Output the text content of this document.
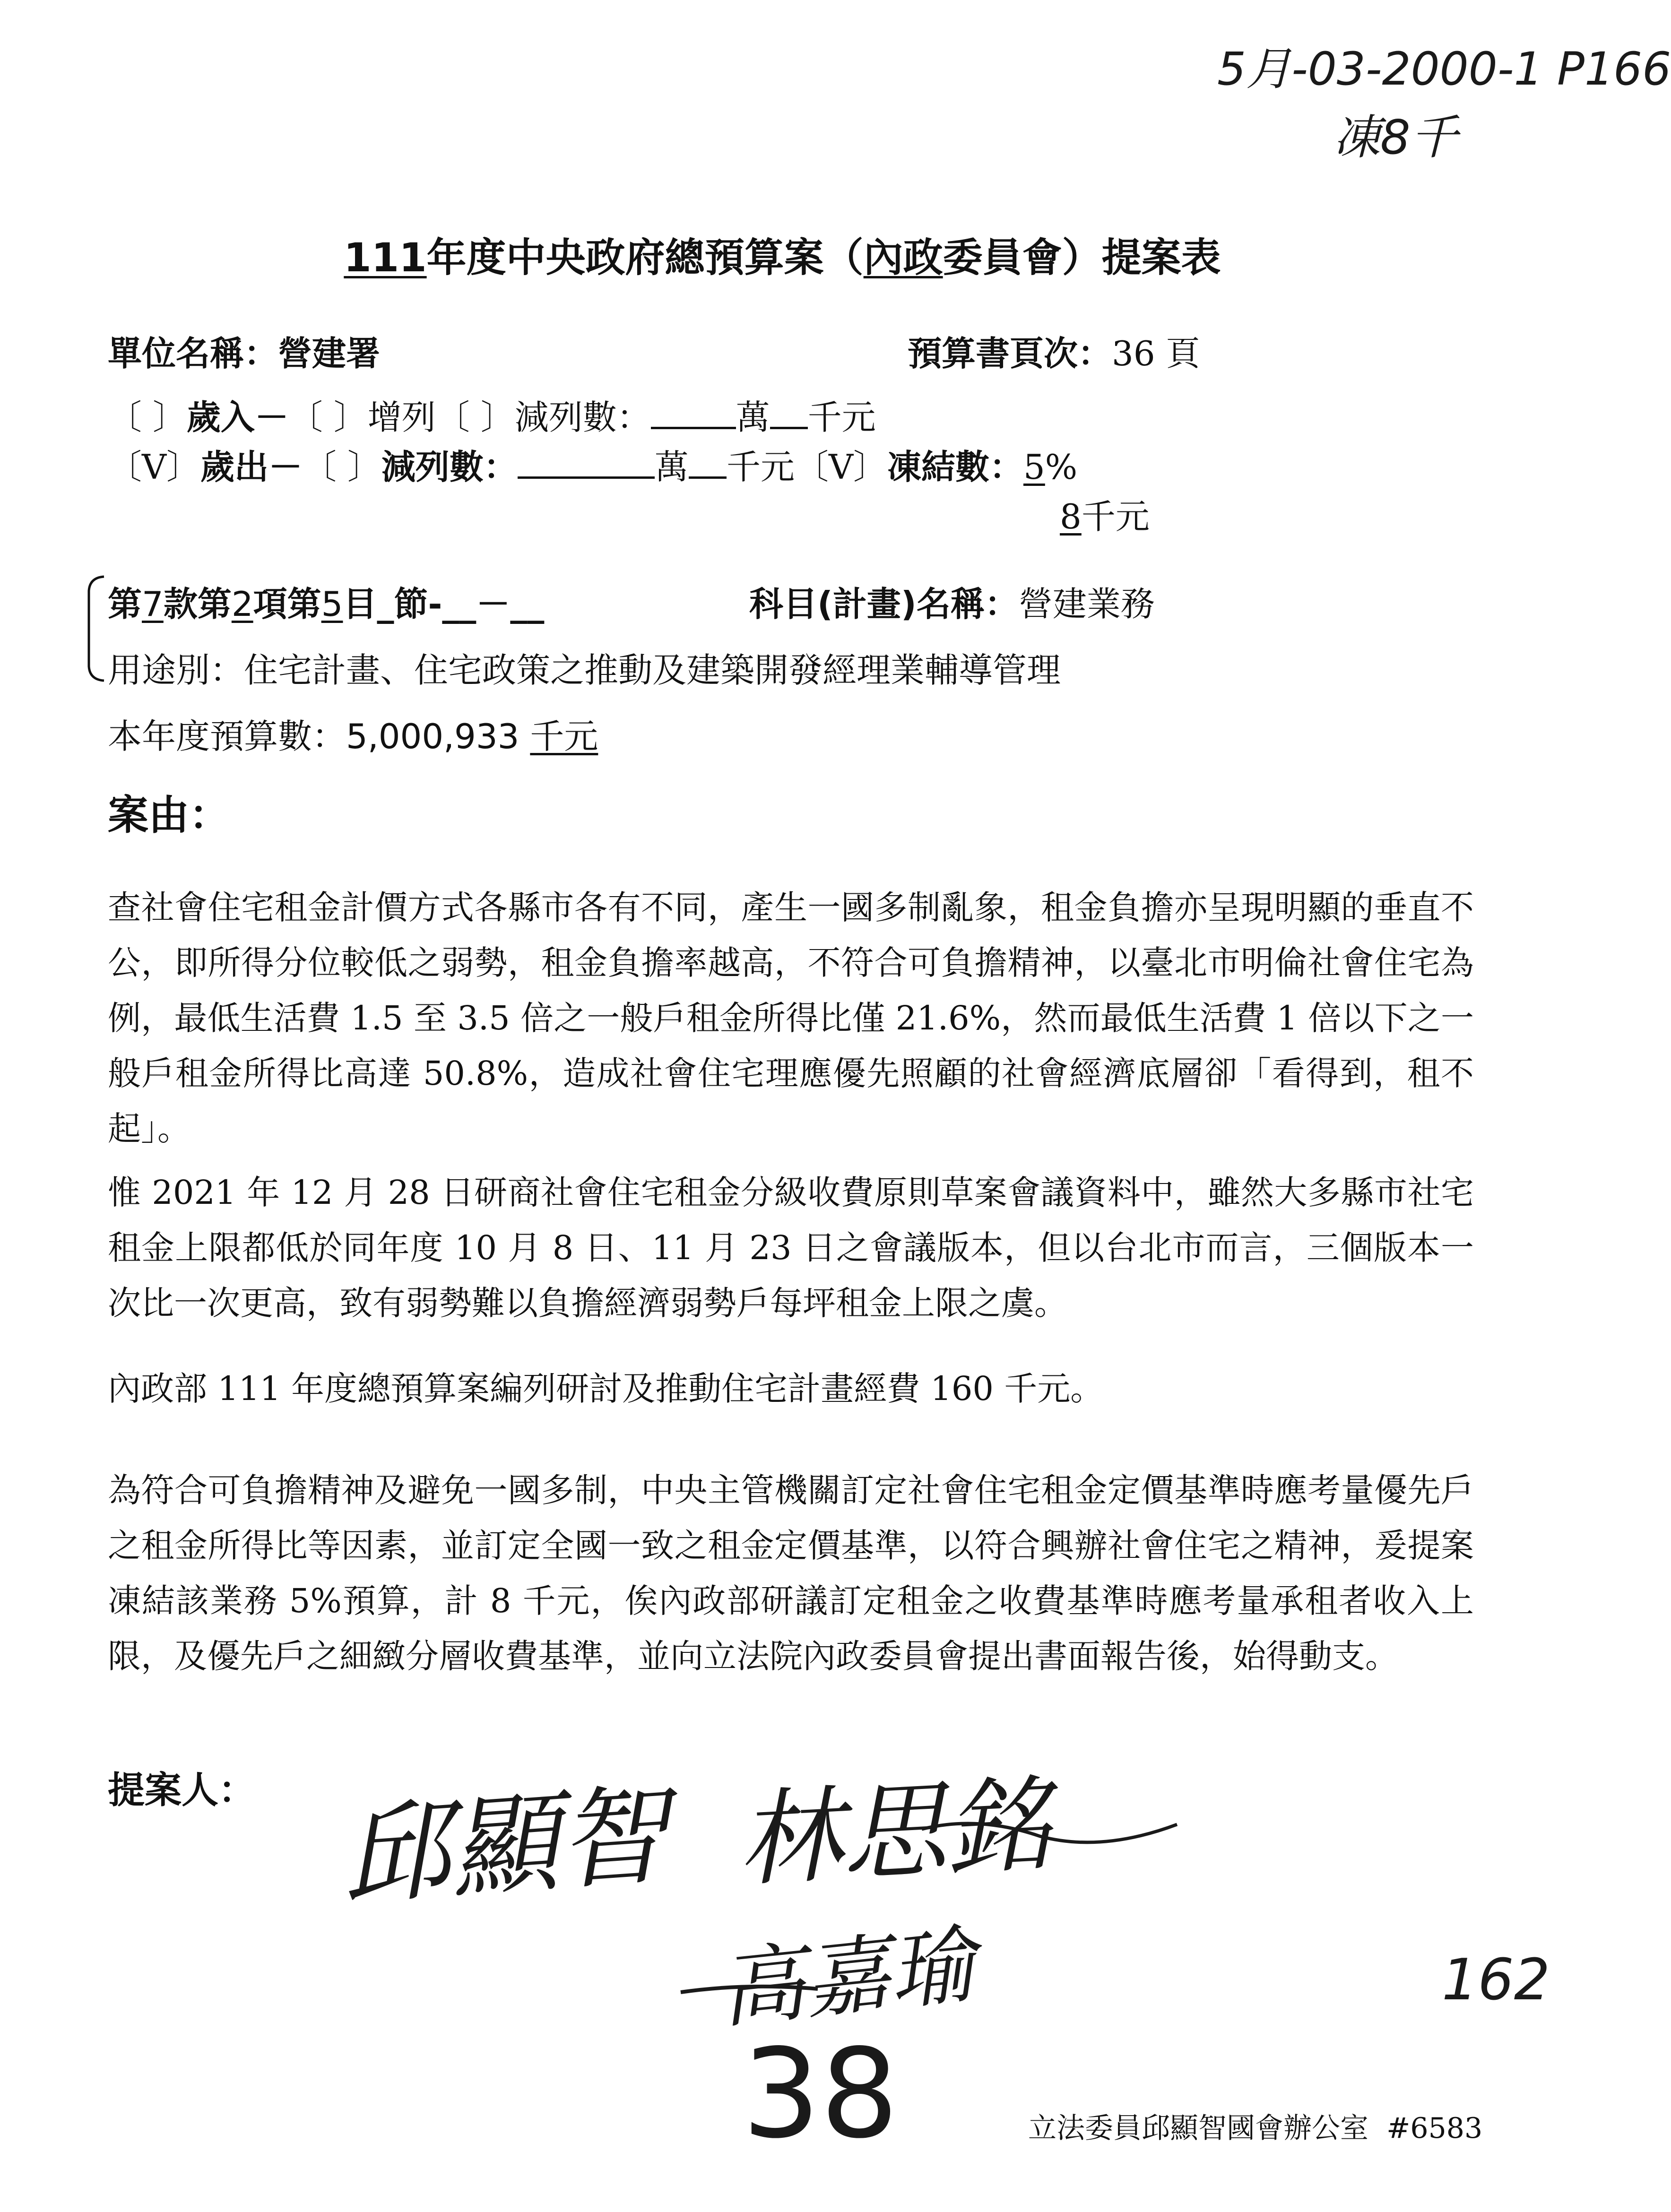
5月-03-2000-1 P166
凍8千
111年度中央政府總預算案（內政委員會）提案表
單位名稱：營建署	預算書頁次：36 頁
〔 〕歲入－〔 〕增列〔 〕減列數：	萬 千元
〔V〕歲出－〔 〕減列數：	萬 千元〔V〕凍結數：5%
8千元
第7款第2項第5目_節-__－__	科目(計畫)名稱：營建業務
用途別：住宅計畫、住宅政策之推動及建築開發經理業輔導管理
本年度預算數：5,000,933 千元
案由：
查社會住宅租金計價方式各縣市各有不同，產生一國多制亂象，租金負擔亦呈現明顯的垂直不公，即所得分位較低之弱勢，租金負擔率越高，不符合可負擔精神，以臺北市明倫社會住宅為例，最低生活費 1.5 至 3.5 倍之一般戶租金所得比僅 21.6%，然而最低生活費 1 倍以下之一般戶租金所得比高達 50.8%，造成社會住宅理應優先照顧的社會經濟底層卻「看得到，租不起」。
惟 2021 年 12 月 28 日研商社會住宅租金分級收費原則草案會議資料中，雖然大多縣市社宅租金上限都低於同年度 10 月 8 日、11 月 23 日之會議版本，但以台北市而言，三個版本一次比一次更高，致有弱勢難以負擔經濟弱勢戶每坪租金上限之虞。
內政部 111 年度總預算案編列研討及推動住宅計畫經費 160 千元。
為符合可負擔精神及避免一國多制，中央主管機關訂定社會住宅租金定價基準時應考量優先戶之租金所得比等因素，並訂定全國一致之租金定價基準，以符合興辦社會住宅之精神，爰提案凍結該業務 5%預算，計 8 千元，俟內政部研議訂定租金之收費基準時應考量承租者收入上限，及優先戶之細緻分層收費基準，並向立法院內政委員會提出書面報告後，始得動支。
提案人： 邱顯智 林思銘
高嘉瑜
38
162
立法委員邱顯智國會辦公室  #6583
